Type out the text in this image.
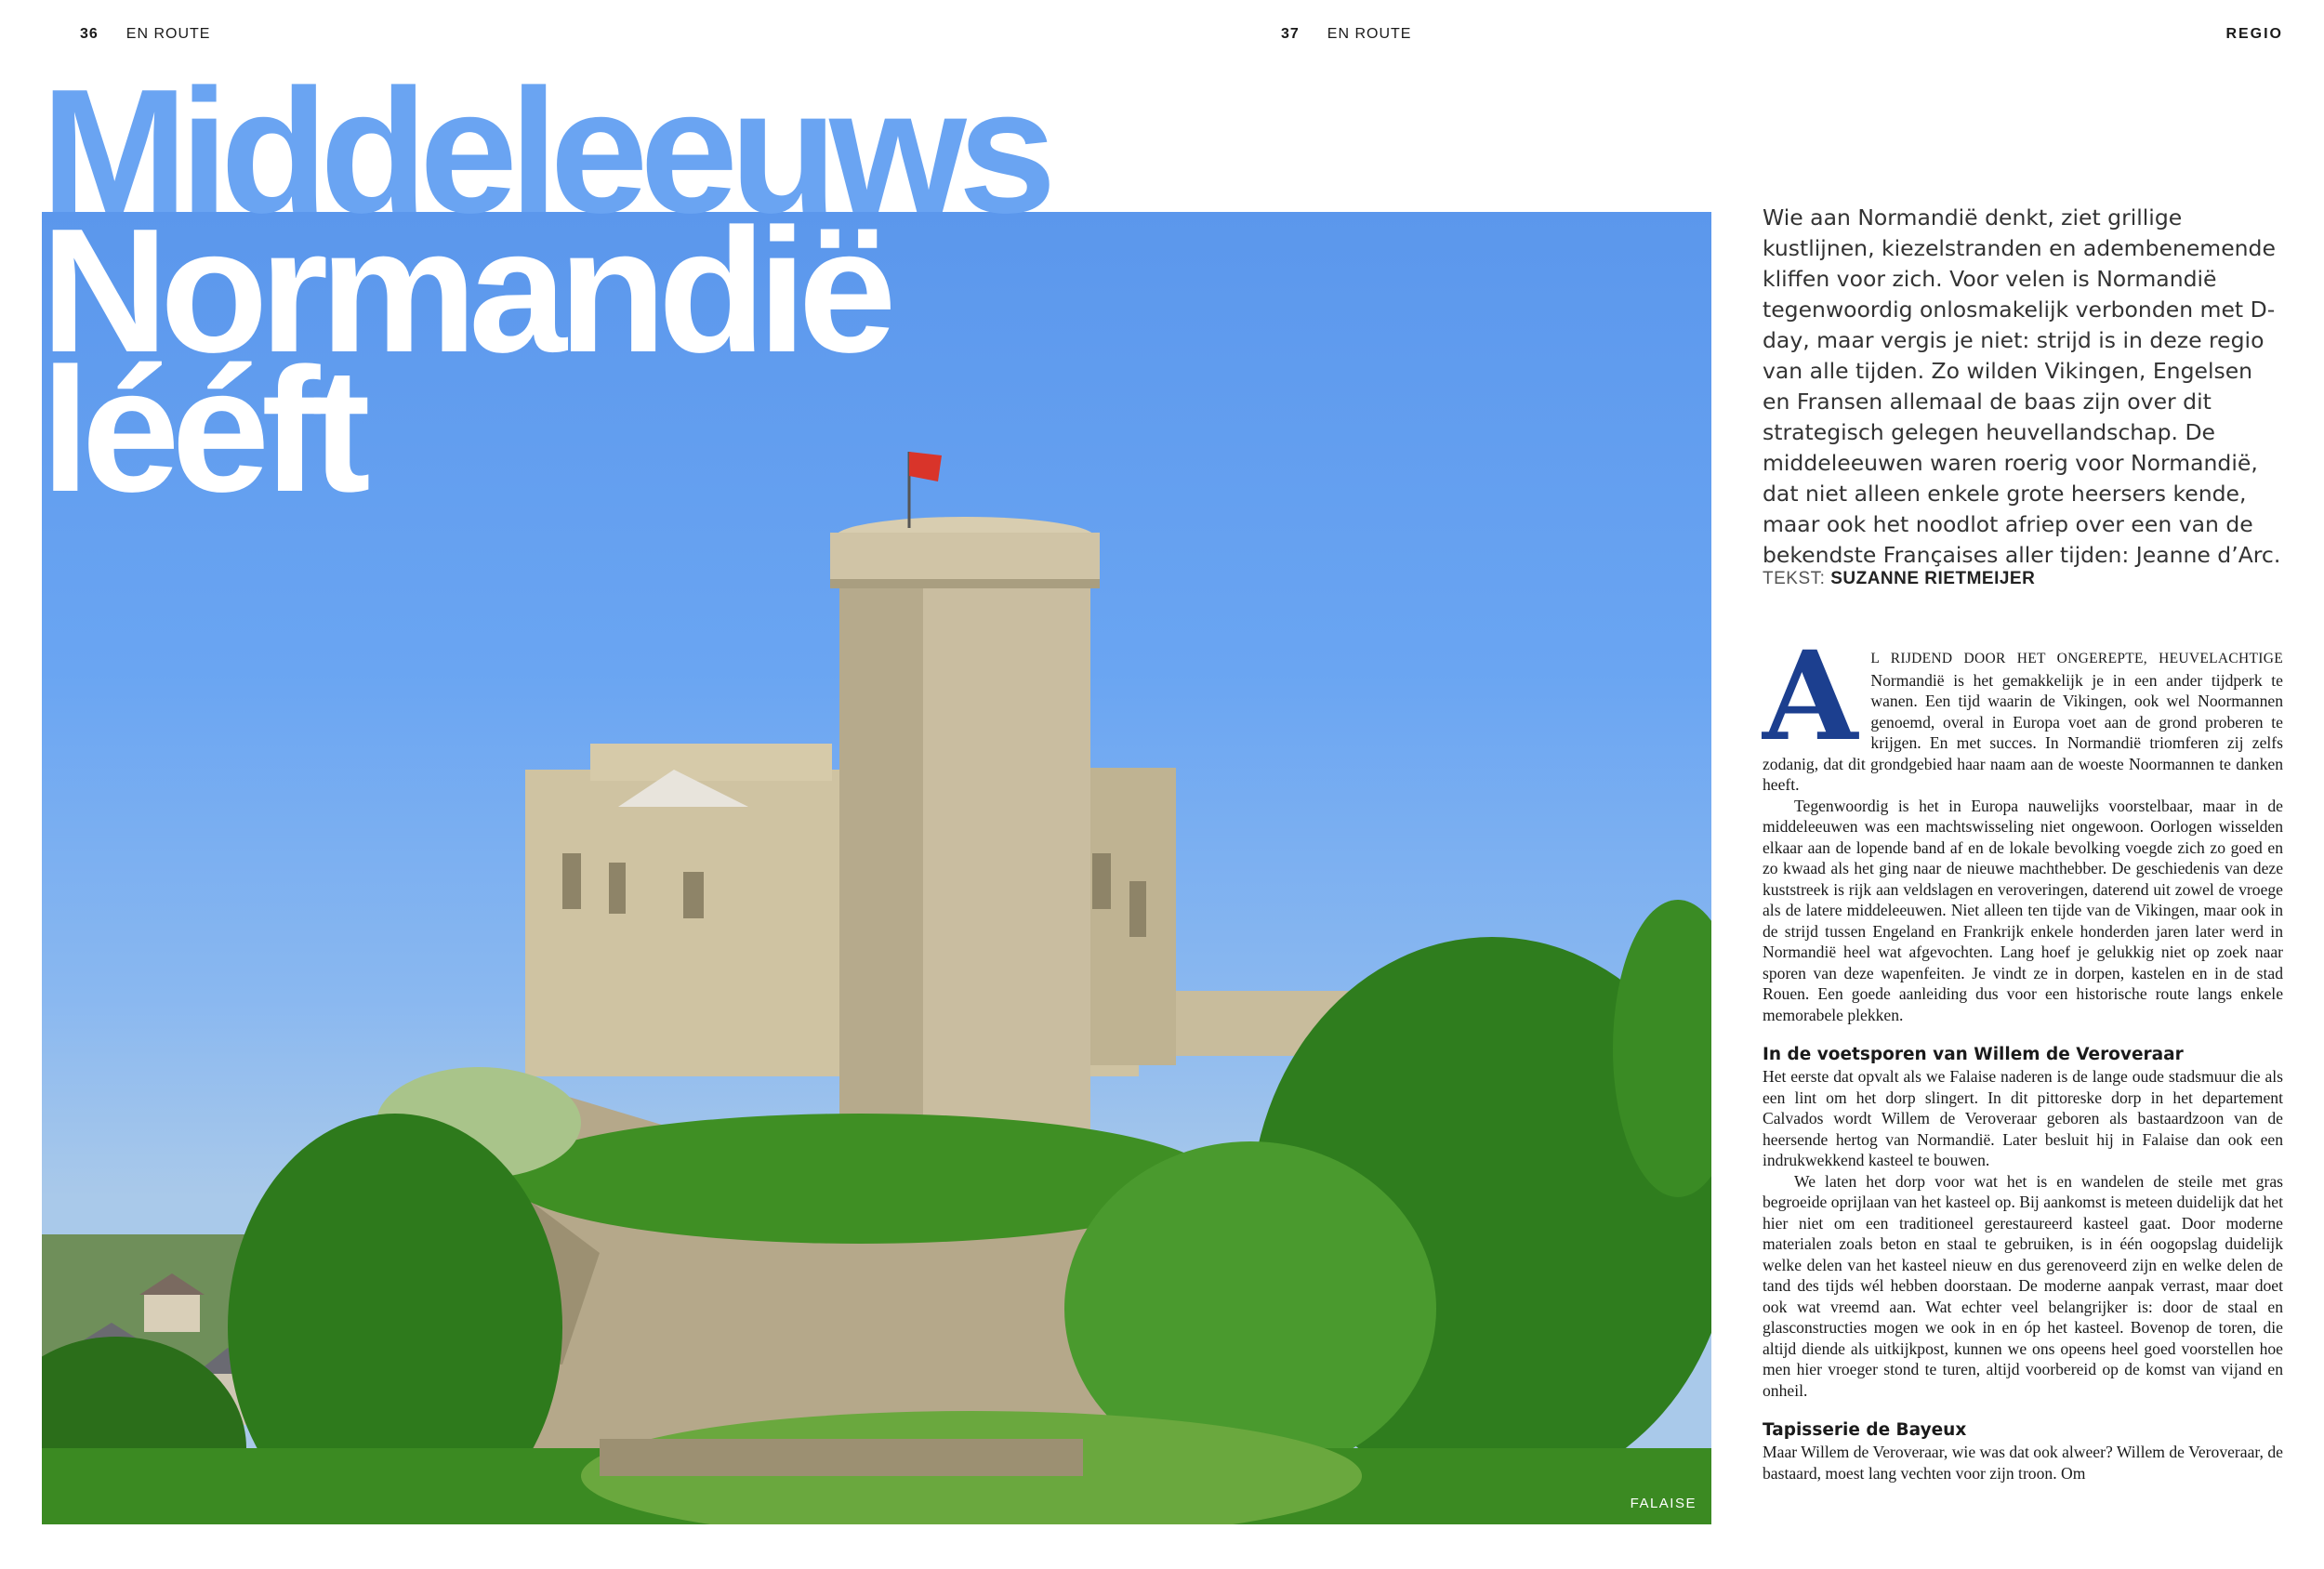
36 EN ROUTE	37 EN ROUTE	REGIO
FALAISE
Middeleeuws
Normandië
lééft
Wie aan Normandië denkt, ziet grillige kustlijnen, kiezelstranden en adembenemende kliffen voor zich. Voor velen is Normandië tegenwoordig onlosmakelijk verbonden met D-day, maar vergis je niet: strijd is in deze regio van alle tijden. Zo wilden Vikingen, Engelsen en Fransen allemaal de baas zijn over dit strategisch gelegen heuvellandschap. De middeleeuwen waren roerig voor Normandië, dat niet alleen enkele grote heersers kende, maar ook het noodlot afriep over een van de bekendste Françaises aller tijden: Jeanne d’Arc.
TEKST: SUZANNE RIETMEIJER

AL RIJDEND DOOR HET ONGEREPTE, HEUVELACHTIGE Normandië is het gemakkelijk je in een ander tijdperk te wanen. Een tijd waarin de Vikingen, ook wel Noormannen genoemd, overal in Europa voet aan de grond proberen te krijgen. En met succes. In Normandië triomferen zij zelfs zodanig, dat dit grondgebied haar naam aan de woeste Noormannen te danken heeft.

Tegenwoordig is het in Europa nauwelijks voorstelbaar, maar in de middeleeuwen was een machtswisseling niet ongewoon. Oorlogen wisselden elkaar aan de lopende band af en de lokale bevolking voegde zich zo goed en zo kwaad als het ging naar de nieuwe machthebber. De geschiedenis van deze kuststreek is rijk aan veldslagen en veroveringen, daterend uit zowel de vroege als de latere middeleeuwen. Niet alleen ten tijde van de Vikingen, maar ook in de strijd tussen Engeland en Frankrijk enkele honderden jaren later werd in Normandië heel wat afgevochten. Lang hoef je gelukkig niet op zoek naar sporen van deze wapenfeiten. Je vindt ze in dorpen, kastelen en in de stad Rouen. Een goede aanleiding dus voor een historische route langs enkele memorabele plekken.

In de voetsporen van Willem de Veroveraar

Het eerste dat opvalt als we Falaise naderen is de lange oude stadsmuur die als een lint om het dorp slingert. In dit pittoreske dorp in het departement Calvados wordt Willem de Veroveraar geboren als bastaardzoon van de heersende hertog van Normandië. Later besluit hij in Falaise dan ook een indrukwekkend kasteel te bouwen.

We laten het dorp voor wat het is en wandelen de steile met gras begroeide oprijlaan van het kasteel op. Bij aankomst is meteen duidelijk dat het hier niet om een traditioneel gerestaureerd kasteel gaat. Door moderne materialen zoals beton en staal te gebruiken, is in één oogopslag duidelijk welke delen van het kasteel nieuw en dus gerenoveerd zijn en welke delen de tand des tijds wél hebben doorstaan. De moderne aanpak verrast, maar doet ook wat vreemd aan. Wat echter veel belangrijker is: door de staal en glasconstructies mogen we ook in en óp het kasteel. Bovenop de toren, die altijd diende als uitkijkpost, kunnen we ons opeens heel goed voorstellen hoe men hier vroeger stond te turen, altijd voorbereid op de komst van vijand en onheil.

Tapisserie de Bayeux

Maar Willem de Veroveraar, wie was dat ook alweer? Willem de Veroveraar, de bastaard, moest lang vechten voor zijn troon. Om
